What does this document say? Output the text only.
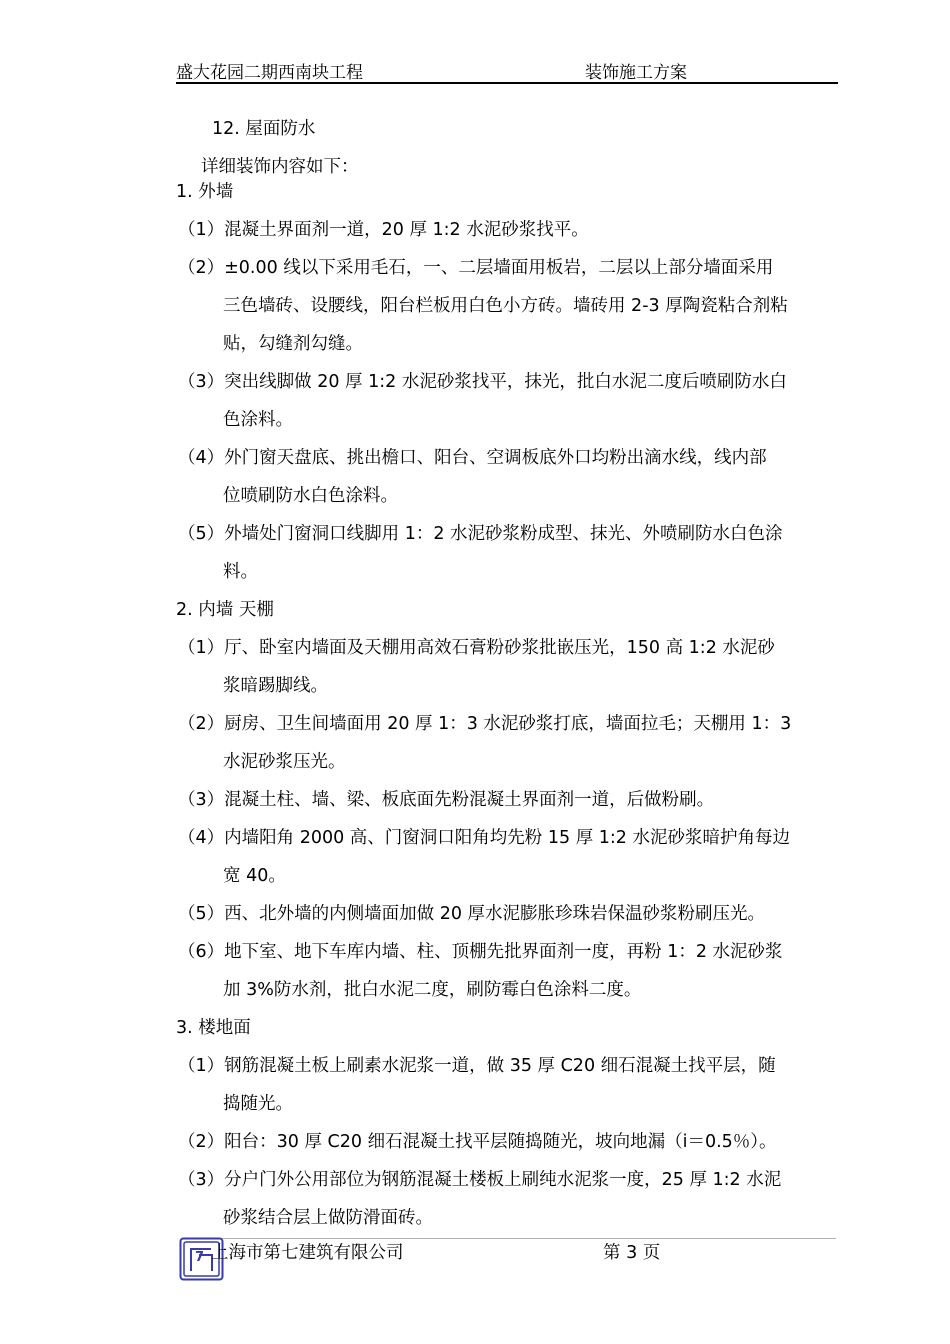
盛大花园二期西南块工程	装饰施工方案
12. 屋面防水
详细装饰内容如下：
1. 外墙
（1）混凝土界面剂一道，20 厚 1:2 水泥砂浆找平。
（2）±0.00 线以下采用毛石，一、二层墙面用板岩，二层以上部分墙面采用
三色墙砖、设腰线，阳台栏板用白色小方砖。墙砖用 2-3 厚陶瓷粘合剂粘
贴，勾缝剂勾缝。
（3）突出线脚做 20 厚 1:2 水泥砂浆找平，抹光，批白水泥二度后喷刷防水白
色涂料。
（4）外门窗天盘底、挑出檐口、阳台、空调板底外口均粉出滴水线，线内部
位喷刷防水白色涂料。
（5）外墙处门窗洞口线脚用 1：2 水泥砂浆粉成型、抹光、外喷刷防水白色涂
料。
2. 内墙 天棚
（1）厅、卧室内墙面及天棚用高效石膏粉砂浆批嵌压光，150 高 1:2 水泥砂
浆暗踢脚线。
（2）厨房、卫生间墙面用 20 厚 1：3 水泥砂浆打底，墙面拉毛；天棚用 1：3
水泥砂浆压光。
（3）混凝土柱、墙、梁、板底面先粉混凝土界面剂一道，后做粉刷。
（4）内墙阳角 2000 高、门窗洞口阳角均先粉 15 厚 1:2 水泥砂浆暗护角每边
宽 40。
（5）西、北外墙的内侧墙面加做 20 厚水泥膨胀珍珠岩保温砂浆粉刷压光。
（6）地下室、地下车库内墙、柱、顶棚先批界面剂一度，再粉 1：2 水泥砂浆
加 3%防水剂，批白水泥二度，刷防霉白色涂料二度。
3. 楼地面
（1）钢筋混凝土板上刷素水泥浆一道，做 35 厚 C20 细石混凝土找平层，随
捣随光。
（2）阳台：30 厚 C20 细石混凝土找平层随捣随光，坡向地漏（i＝0.5％）。
（3）分户门外公用部位为钢筋混凝土楼板上刷纯水泥浆一度，25 厚 1:2 水泥
砂浆结合层上做防滑面砖。
7 上海市第七建筑有限公司	第 3 页
